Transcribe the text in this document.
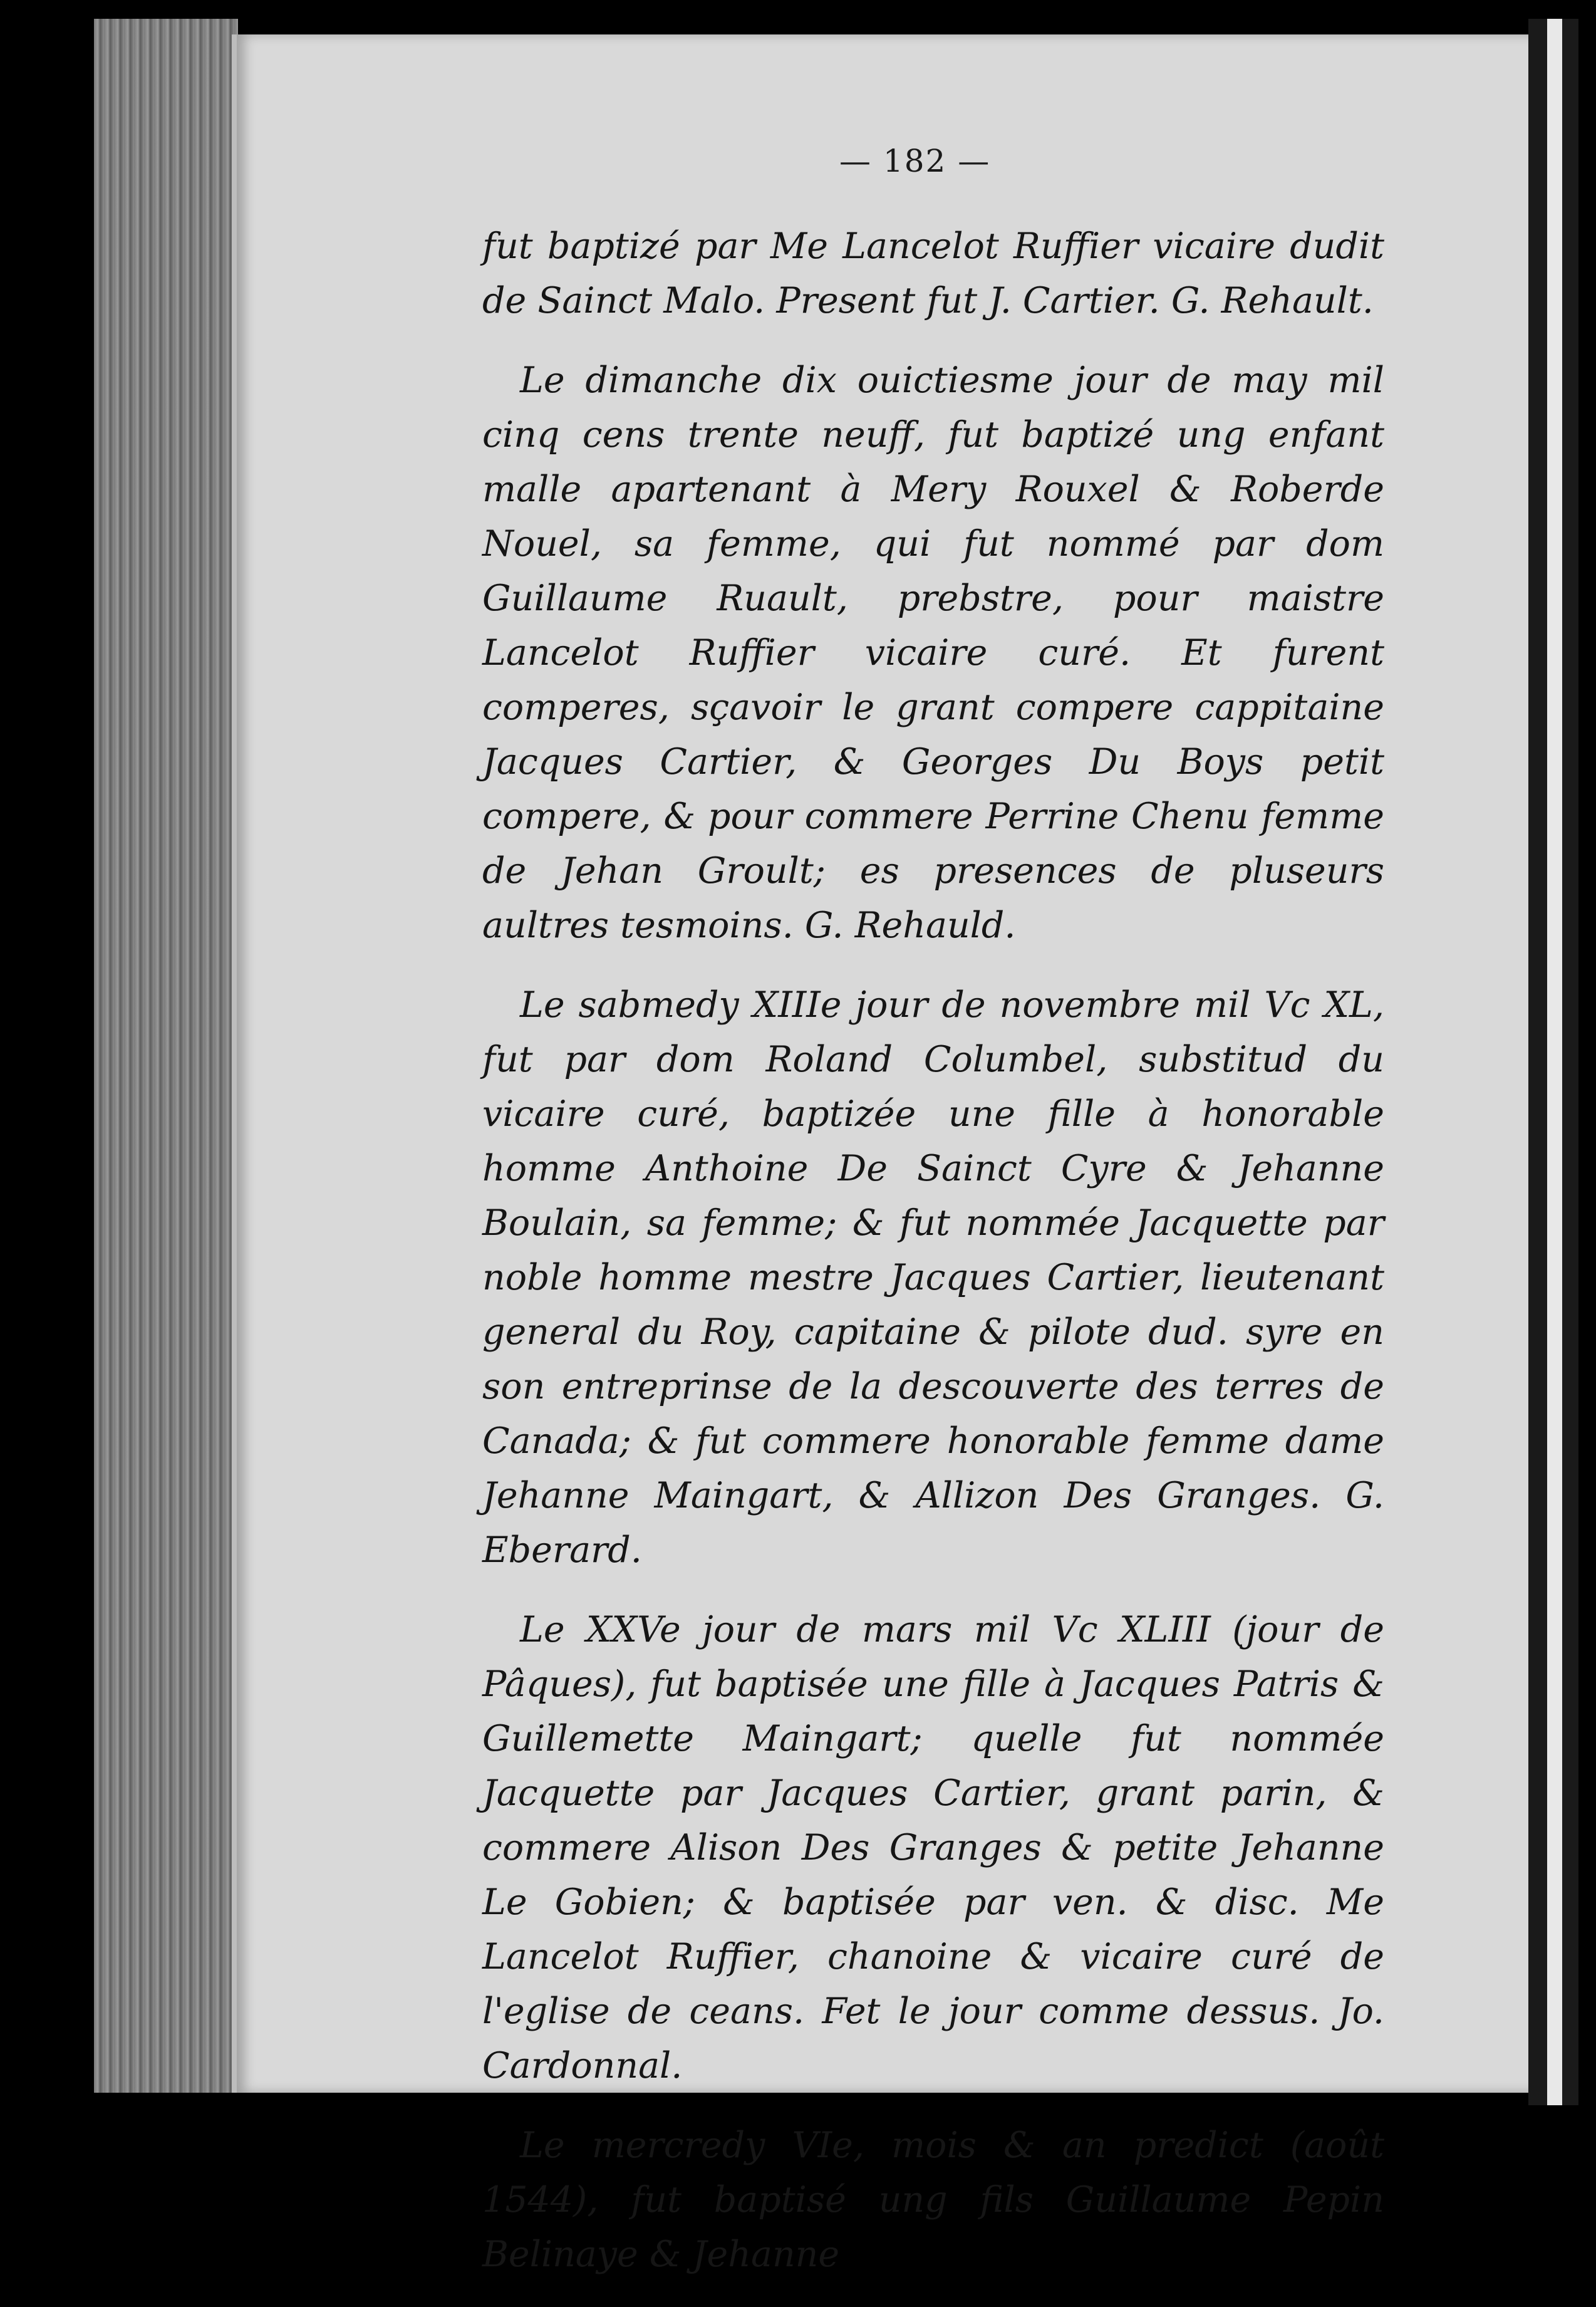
— 182 —

fut baptizé par Me Lancelot Ruffier vicaire dudit de Sainct Malo. Present fut J. Cartier. G. Rehault.

Le dimanche dix ouictiesme jour de may mil cinq cens trente neuff, fut baptizé ung enfant malle apartenant à Mery Rouxel & Roberde Nouel, sa femme, qui fut nommé par dom Guillaume Ruault, prebstre, pour maistre Lancelot Ruffier vicaire curé. Et furent comperes, sçavoir le grant compere cappitaine Jacques Cartier, & Georges Du Boys petit compere, & pour commere Perrine Chenu femme de Jehan Groult; es presences de pluseurs aultres tesmoins. G. Rehauld.

Le sabmedy XIIIe jour de novembre mil Vc XL, fut par dom Roland Columbel, substitud du vicaire curé, baptizée une fille à honorable homme Anthoine De Sainct Cyre & Jehanne Boulain, sa femme; & fut nommée Jacquette par noble homme mestre Jacques Cartier, lieutenant general du Roy, capitaine & pilote dud. syre en son entreprinse de la descouverte des terres de Canada; & fut commere honorable femme dame Jehanne Maingart, & Allizon Des Granges. G. Eberard.

Le XXVe jour de mars mil Vc XLIII (jour de Pâques), fut baptisée une fille à Jacques Patris & Guillemette Maingart; quelle fut nommée Jacquette par Jacques Cartier, grant parin, & commere Alison Des Granges & petite Jehanne Le Gobien; & baptisée par ven. & disc. Me Lancelot Ruffier, chanoine & vicaire curé de l'eglise de ceans. Fet le jour comme dessus. Jo. Cardonnal.

Le mercredy VIe, mois & an predict (août 1544), fut baptisé ung fils Guillaume Pepin Belinaye & Jehanne
